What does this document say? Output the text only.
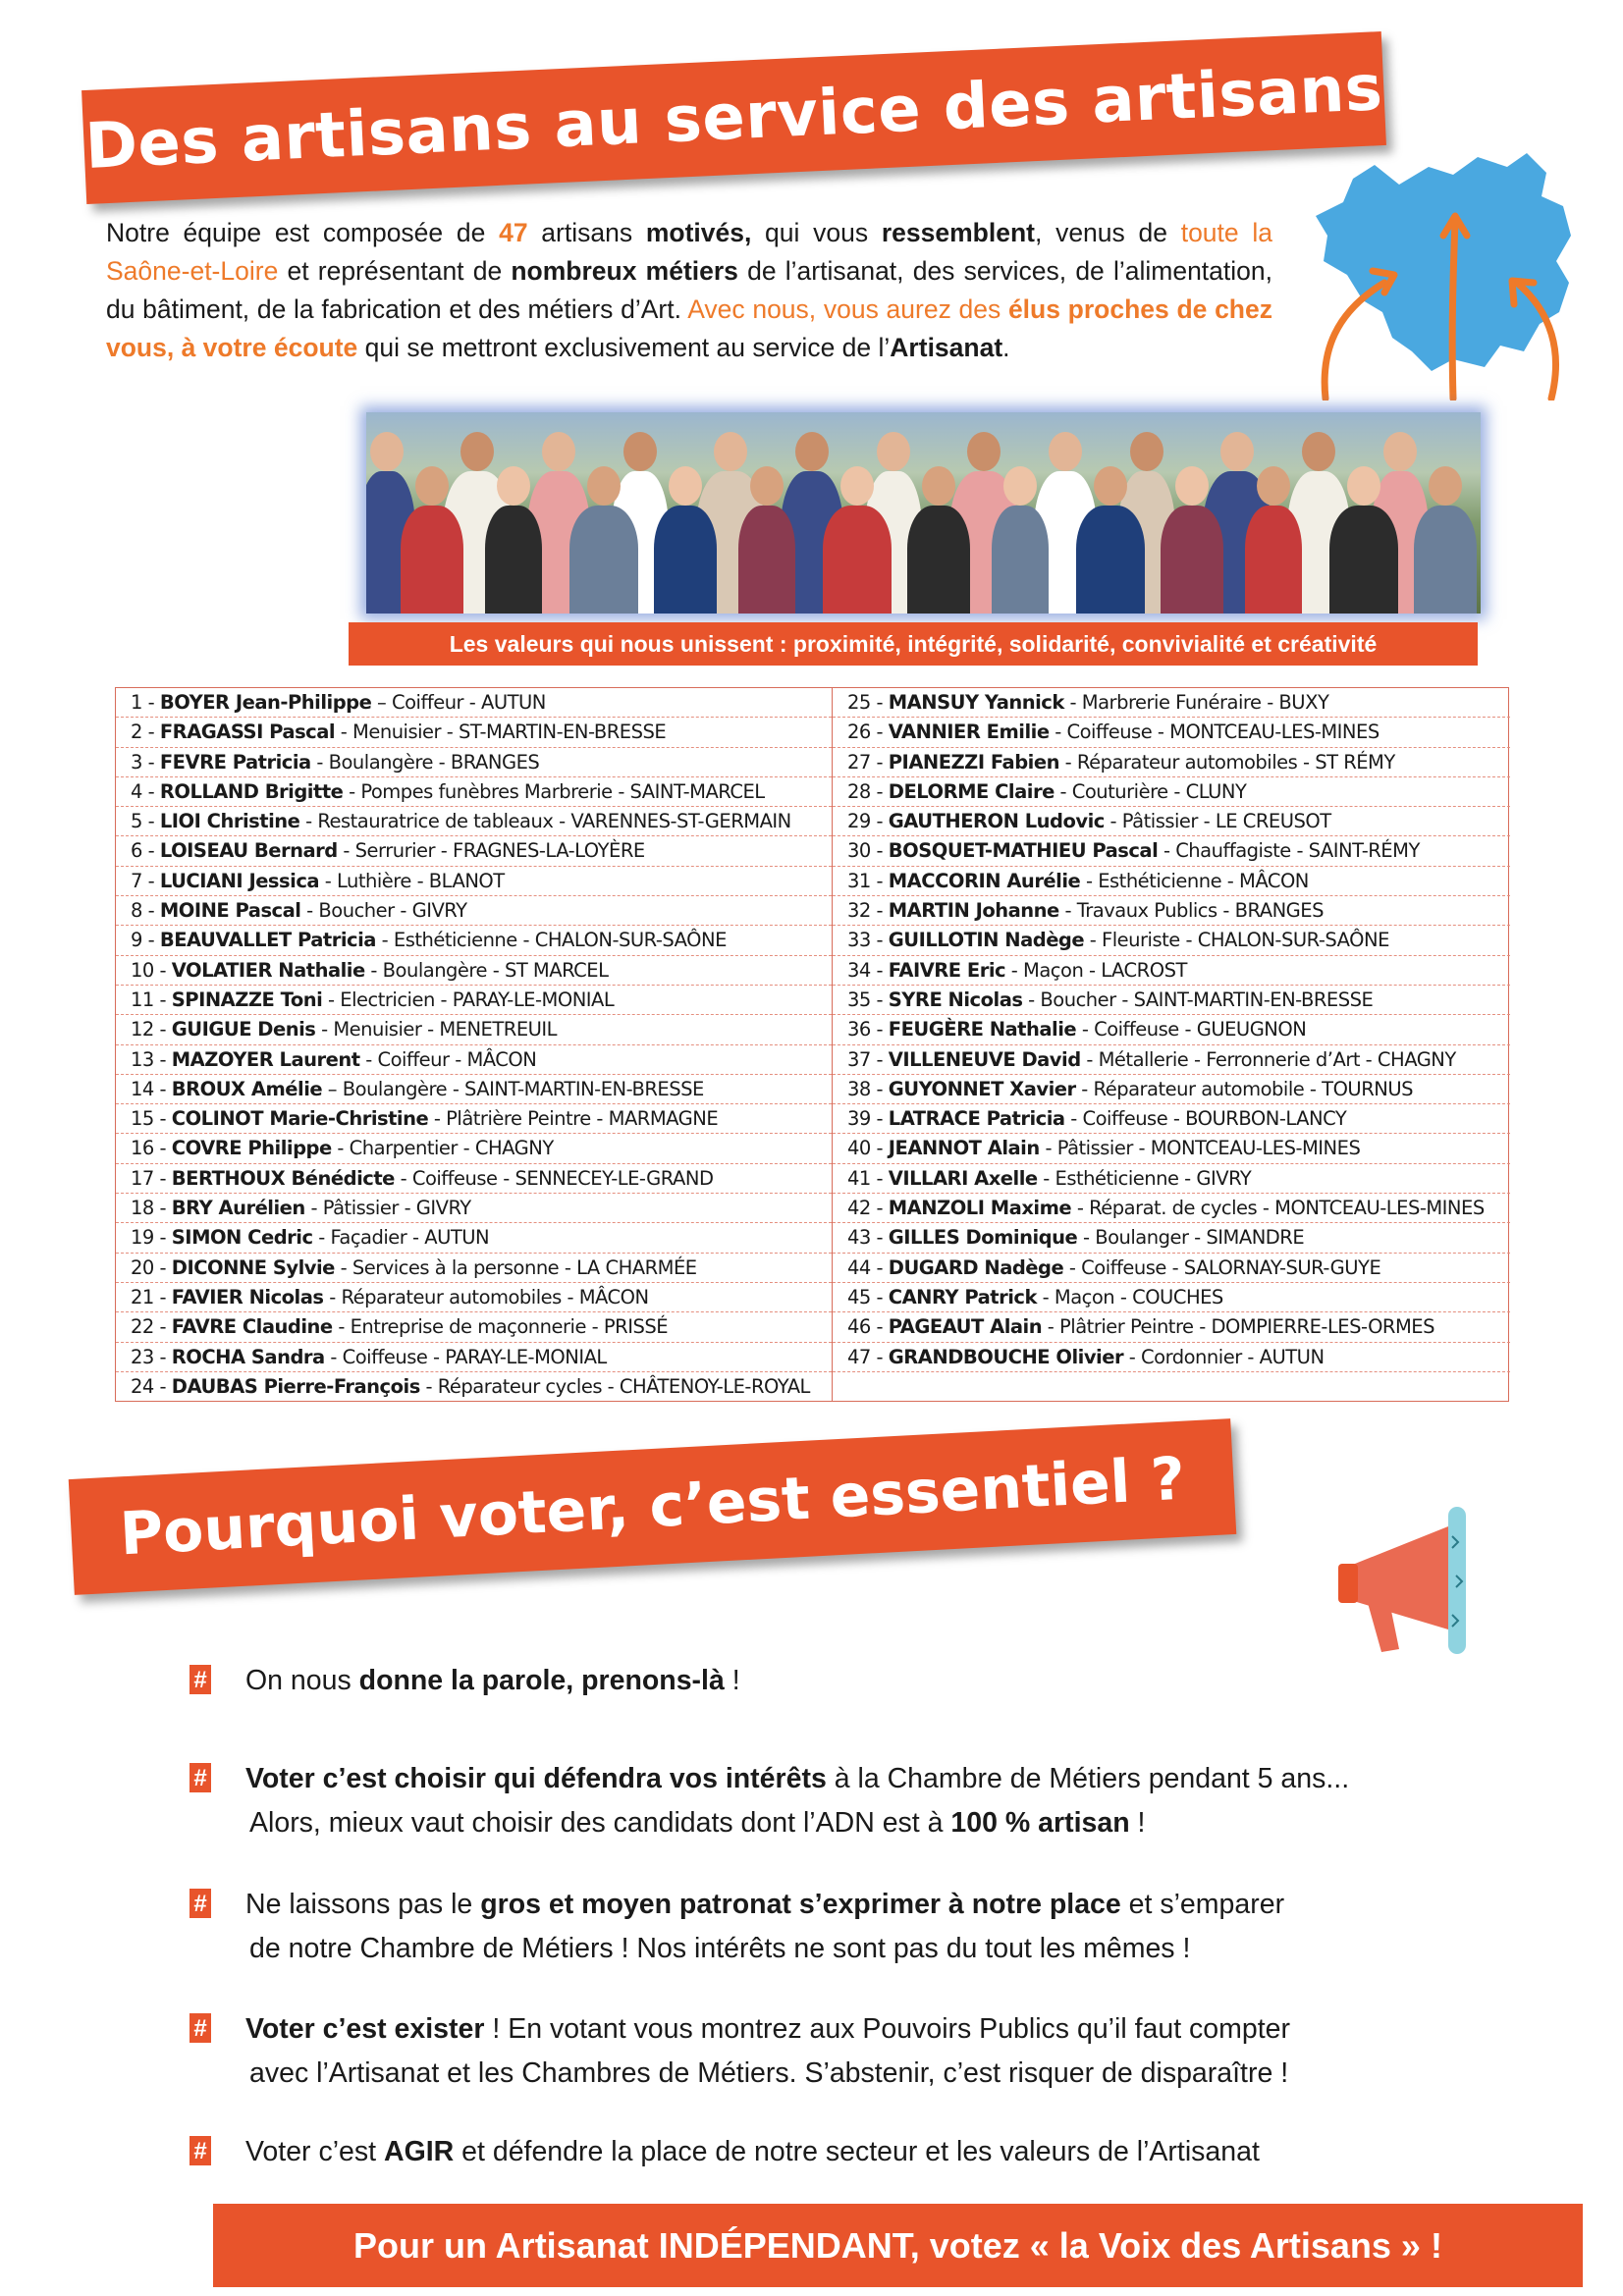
Des artisans au service des artisans

Notre équipe est composée de 47 artisans motivés, qui vous ressemblent, venus de toute la Saône-et-Loire et représentant de nombreux métiers de l’artisanat, des services, de l’alimentation, du bâtiment, de la fabrication et des métiers d’Art. Avec nous, vous aurez des élus proches de chez vous, à votre écoute qui se mettront exclusivement au service de l’Artisanat.

Les valeurs qui nous unissent : proximité, intégrité, solidarité, convivialité et créativité
1 - BOYER Jean-Philippe – Coiffeur - AUTUN
2 - FRAGASSI Pascal - Menuisier - ST-MARTIN-EN-BRESSE
3 - FEVRE Patricia - Boulangère - BRANGES
4 - ROLLAND Brigitte - Pompes funèbres Marbrerie - SAINT-MARCEL
5 - LIOI Christine - Restauratrice de tableaux - VARENNES-ST-GERMAIN
6 - LOISEAU Bernard - Serrurier - FRAGNES-LA-LOYÈRE
7 - LUCIANI Jessica - Luthière - BLANOT
8 - MOINE Pascal - Boucher - GIVRY
9 - BEAUVALLET Patricia - Esthéticienne - CHALON-SUR-SAÔNE
10 - VOLATIER Nathalie - Boulangère - ST MARCEL
11 - SPINAZZE Toni - Electricien - PARAY-LE-MONIAL
12 - GUIGUE Denis - Menuisier - MENETREUIL
13 - MAZOYER Laurent - Coiffeur - MÂCON
14 - BROUX Amélie – Boulangère - SAINT-MARTIN-EN-BRESSE
15 - COLINOT Marie-Christine - Plâtrière Peintre - MARMAGNE
16 - COVRE Philippe - Charpentier - CHAGNY
17 - BERTHOUX Bénédicte - Coiffeuse - SENNECEY-LE-GRAND
18 - BRY Aurélien - Pâtissier - GIVRY
19 - SIMON Cedric - Façadier - AUTUN
20 - DICONNE Sylvie - Services à la personne - LA CHARMÉE
21 - FAVIER Nicolas - Réparateur automobiles - MÂCON
22 - FAVRE Claudine - Entreprise de maçonnerie - PRISSÉ
23 - ROCHA Sandra - Coiffeuse - PARAY-LE-MONIAL
24 - DAUBAS Pierre-François - Réparateur cycles - CHÂTENOY-LE-ROYAL
25 - MANSUY Yannick - Marbrerie Funéraire - BUXY
26 - VANNIER Emilie - Coiffeuse - MONTCEAU-LES-MINES
27 - PIANEZZI Fabien - Réparateur automobiles - ST RÉMY
28 - DELORME Claire - Couturière - CLUNY
29 - GAUTHERON Ludovic - Pâtissier - LE CREUSOT
30 - BOSQUET-MATHIEU Pascal - Chauffagiste - SAINT-RÉMY
31 - MACCORIN Aurélie - Esthéticienne - MÂCON
32 - MARTIN Johanne - Travaux Publics - BRANGES
33 - GUILLOTIN Nadège - Fleuriste - CHALON-SUR-SAÔNE
34 - FAIVRE Eric - Maçon - LACROST
35 - SYRE Nicolas - Boucher - SAINT-MARTIN-EN-BRESSE
36 - FEUGÈRE Nathalie - Coiffeuse - GUEUGNON
37 - VILLENEUVE David - Métallerie - Ferronnerie d’Art - CHAGNY
38 - GUYONNET Xavier - Réparateur automobile - TOURNUS
39 - LATRACE Patricia - Coiffeuse - BOURBON-LANCY
40 - JEANNOT Alain - Pâtissier - MONTCEAU-LES-MINES
41 - VILLARI Axelle - Esthéticienne - GIVRY
42 - MANZOLI Maxime - Réparat. de cycles - MONTCEAU-LES-MINES
43 - GILLES Dominique - Boulanger - SIMANDRE
44 - DUGARD Nadège - Coiffeuse - SALORNAY-SUR-GUYE
45 - CANRY Patrick - Maçon - COUCHES
46 - PAGEAUT Alain - Plâtrier Peintre - DOMPIERRE-LES-ORMES
47 - GRANDBOUCHE Olivier - Cordonnier - AUTUN
Pourquoi voter, c’est essentiel ?
#	On nous donne la parole, prenons-là !
#	Voter c’est choisir qui défendra vos intérêts à la Chambre de Métiers pendant 5 ans...
Alors, mieux vaut choisir des candidats dont l’ADN est à 100 % artisan !
#	Ne laissons pas le gros et moyen patronat s’exprimer à notre place et s’emparer
de notre Chambre de Métiers ! Nos intérêts ne sont pas du tout les mêmes !
#	Voter c’est exister ! En votant vous montrez aux Pouvoirs Publics qu’il faut compter
avec l’Artisanat et les Chambres de Métiers. S’abstenir, c’est risquer de disparaître !
#	Voter c’est AGIR et défendre la place de notre secteur et les valeurs de l’Artisanat
Pour un Artisanat INDÉPENDANT, votez « la Voix des Artisans » !
